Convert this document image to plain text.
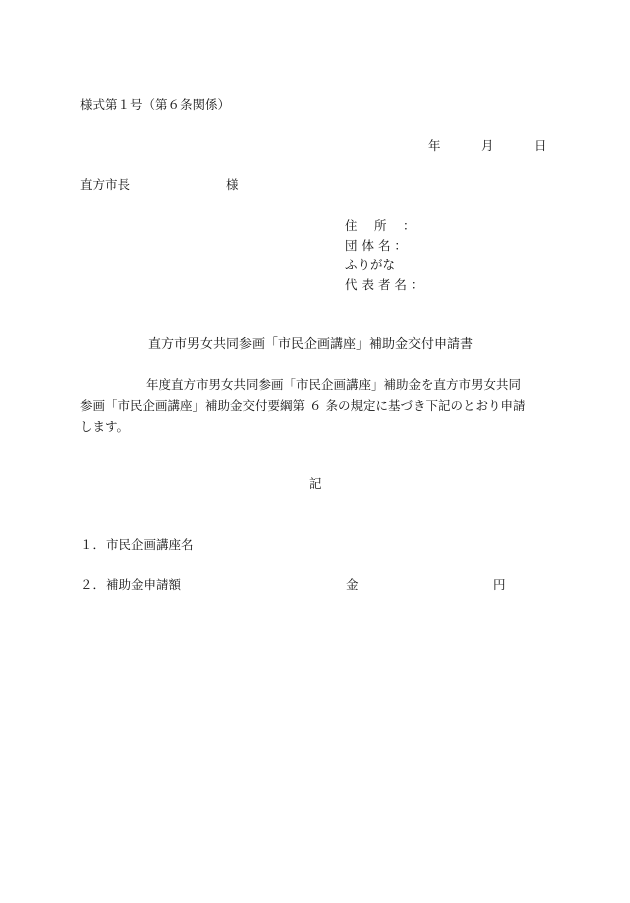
様式第１号（第６条関係）
年	月	日
直方市長	様
住　 所　 ：
団 体 名 ：
ふりがな
代 表 者 名 ：
直方市男女共同参画「市民企画講座」補助金交付申請書
年度直方市男女共同参画「市民企画講座」補助金を直方市男女共同
参画「市民企画講座」補助金交付要綱第 ６ 条の規定に基づき下記のとおり申請
します。
記
１． 市民企画講座名
２． 補助金申請額	金	円
